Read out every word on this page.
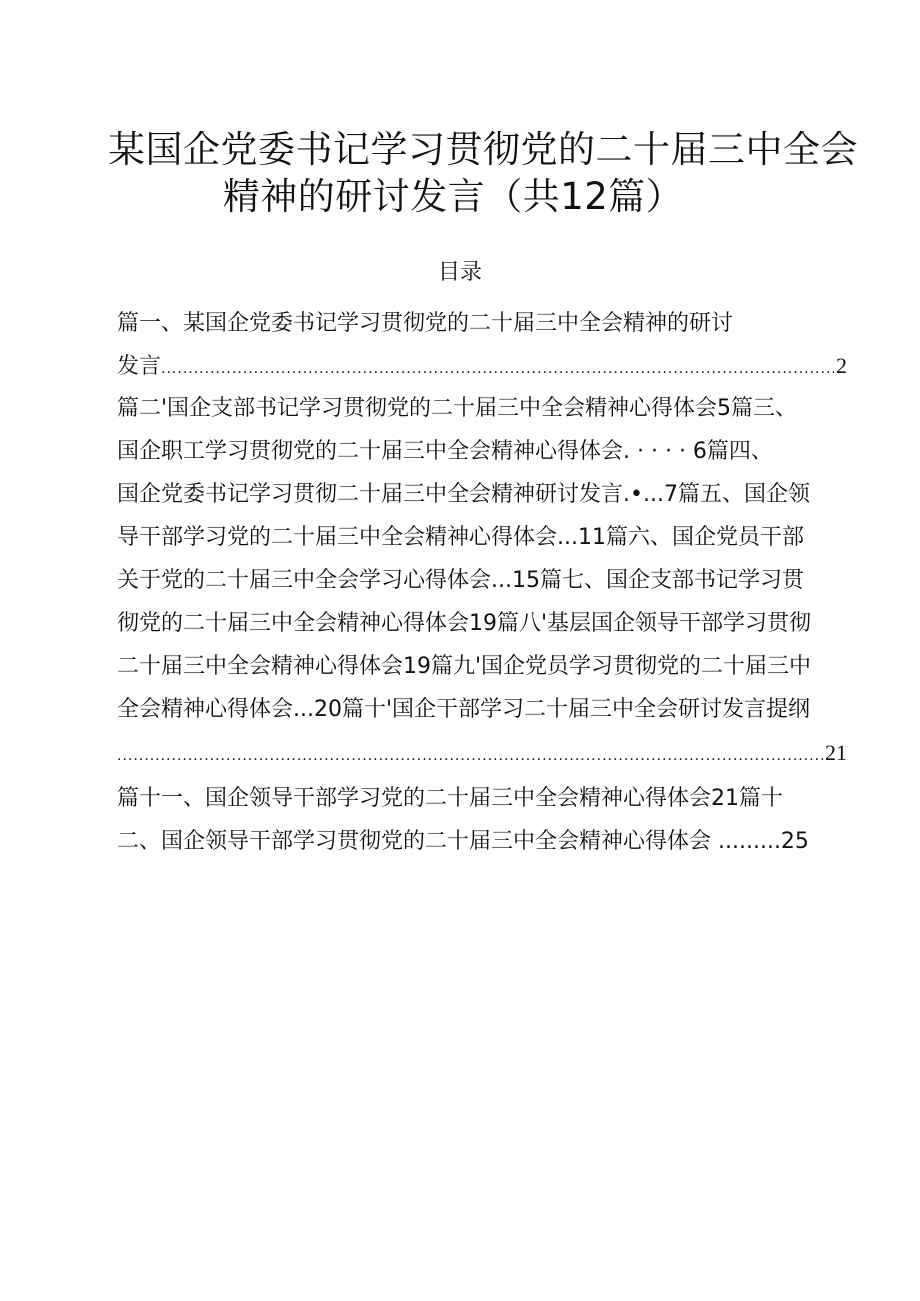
某国企党委书记学习贯彻党的二十届三中全会
精神的研讨发言（共12篇）
目录
篇一、某国企党委书记学习贯彻党的二十届三中全会精神的研讨
发言
.....	2
篇二'国企支部书记学习贯彻党的二十届三中全会精神心得体会5篇三、
国企职工学习贯彻党的二十届三中全会精神心得体会. · · · · 6篇四、
国企党委书记学习贯彻二十届三中全会精神研讨发言.•...7篇五、国企领
导干部学习党的二十届三中全会精神心得体会...11篇六、国企党员干部
关于党的二十届三中全会学习心得体会...15篇七、国企支部书记学习贯
彻党的二十届三中全会精神心得体会19篇八'基层国企领导干部学习贯彻
二十届三中全会精神心得体会19篇九'国企党员学习贯彻党的二十届三中
全会精神心得体会...20篇十'国企干部学习二十届三中全会研讨发言提纲
.....
21
篇十一、国企领导干部学习党的二十届三中全会精神心得体会21篇十
二、国企领导干部学习贯彻党的二十届三中全会精神心得体会 .........25
